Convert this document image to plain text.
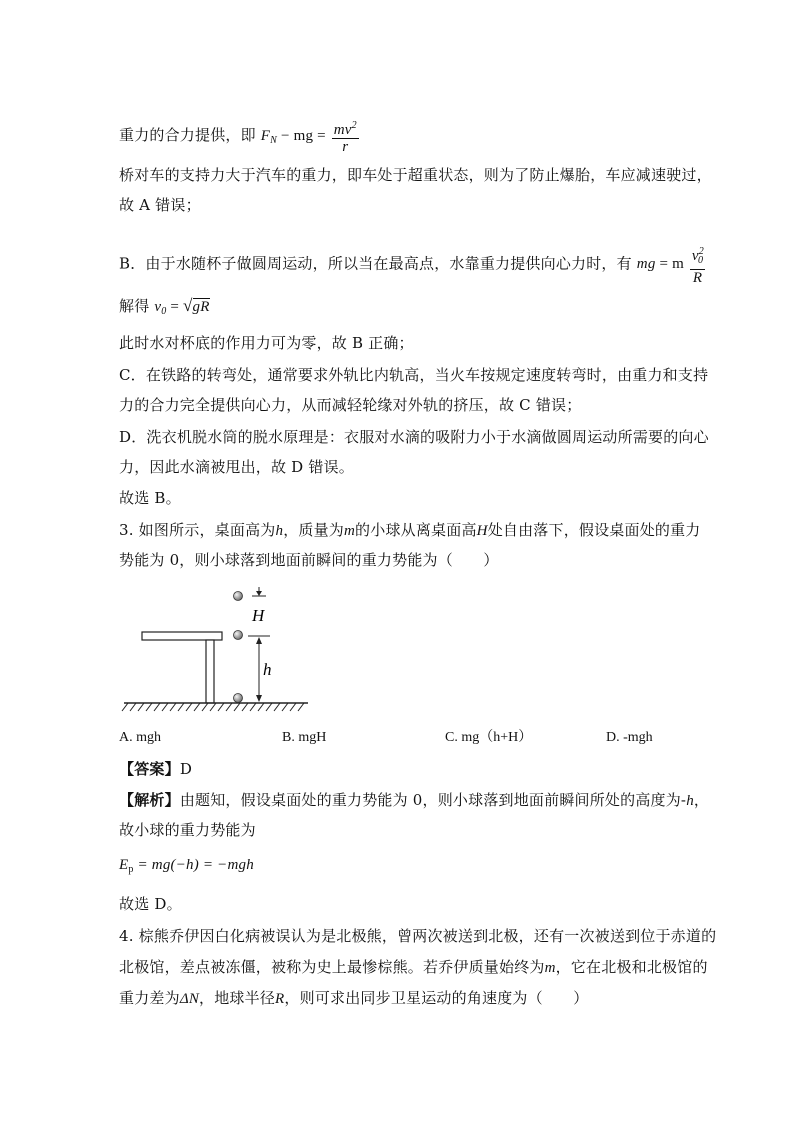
重力的合力提供，即 $F_N$ − mg = $\frac{mv^2}{r}$
桥对车的支持力大于汽车的重力，即车处于超重状态，则为了防止爆胎，车应减速驶过，
故 A 错误；
B．由于水随杯子做圆周运动，所以当在最高点，水靠重力提供向心力时，有 mg = m $\frac{v^2_0}{R}$
解得 $v_0 = √gR$
此时水对杯底的作用力可为零，故 B 正确；
C．在铁路的转弯处，通常要求外轨比内轨高，当火车按规定速度转弯时，由重力和支持
力的合力完全提供向心力，从而减轻轮缘对外轨的挤压，故 C 错误；
D．洗衣机脱水筒的脱水原理是：衣服对水滴的吸附力小于水滴做圆周运动所需要的向心
力，因此水滴被甩出，故 D 错误。
故选 B。
3. 如图所示，桌面高为h，质量为m的小球从离桌面高H处自由落下，假设桌面处的重力
势能为 0，则小球落到地面前瞬间的重力势能为（　　）
H
h
A. mgh	B. mgH	C. mg（h+H）	D. -mgh
【答案】D
【解析】由题知，假设桌面处的重力势能为 0，则小球落到地面前瞬间所处的高度为-h，
故小球的重力势能为
$E_p = mg(-h) = -mgh$
故选 D。
4. 棕熊乔伊因白化病被误认为是北极熊，曾两次被送到北极，还有一次被送到位于赤道的
北极馆，差点被冻僵，被称为史上最惨棕熊。若乔伊质量始终为m，它在北极和北极馆的
重力差为ΔN，地球半径R，则可求出同步卫星运动的角速度为（　　）
